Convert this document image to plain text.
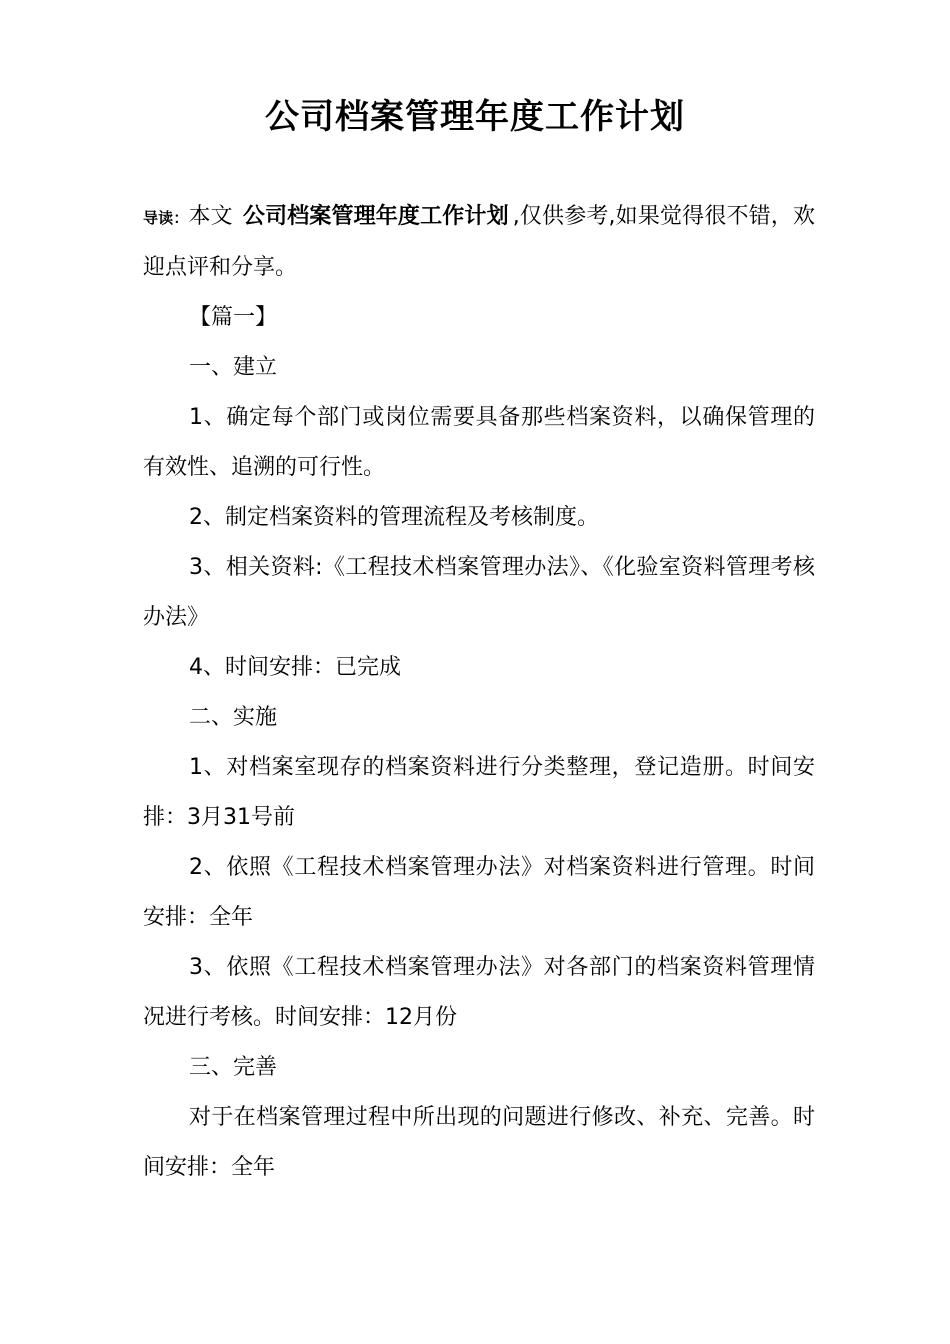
公司档案管理年度工作计划

导读：本文 公司档案管理年度工作计划 ,仅供参考,如果觉得很不错，欢迎点评和分享。

【篇一】

一、建立

1、确定每个部门或岗位需要具备那些档案资料，以确保管理的有效性、追溯的可行性。

2、制定档案资料的管理流程及考核制度。

3、相关资料:《工程技术档案管理办法》、《化验室资料管理考核办法》

4、时间安排：已完成

二、实施

1、对档案室现存的档案资料进行分类整理，登记造册。时间安排：3月31号前

2、依照《工程技术档案管理办法》对档案资料进行管理。时间安排：全年

3、依照《工程技术档案管理办法》对各部门的档案资料管理情况进行考核。时间安排：12月份

三、完善

对于在档案管理过程中所出现的问题进行修改、补充、完善。时间安排：全年
